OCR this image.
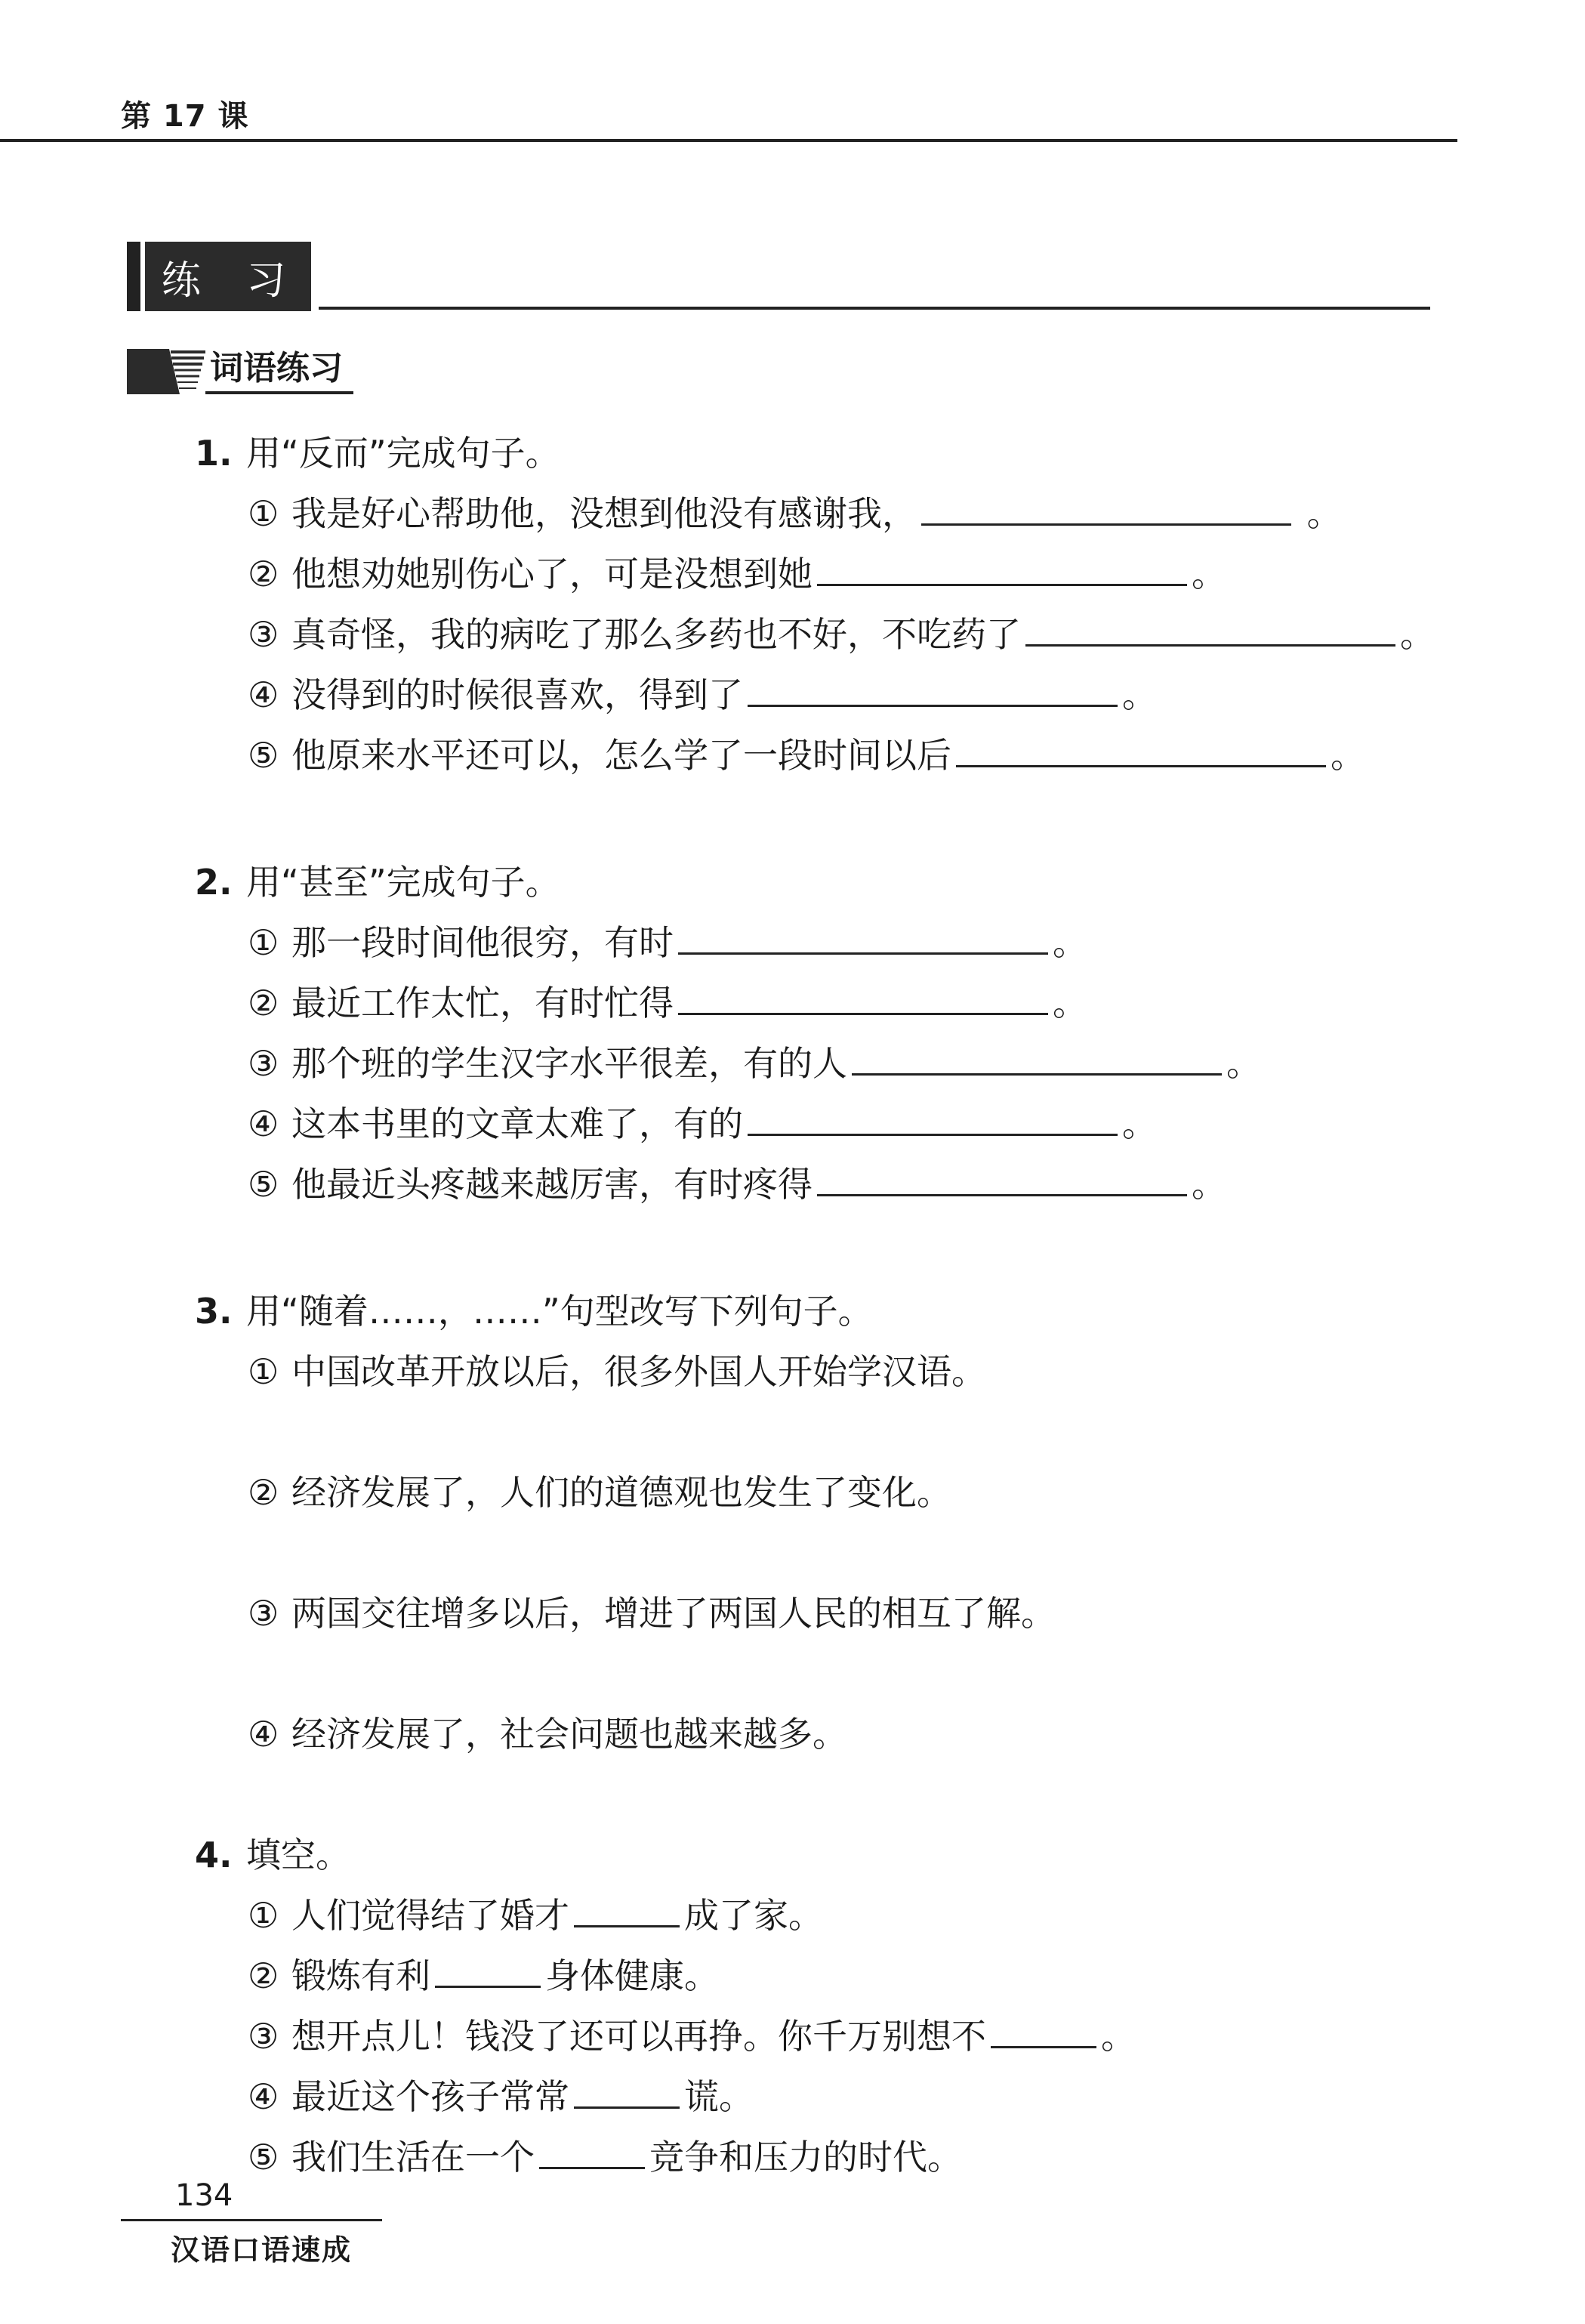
第 17 课
练 习
词语练习
1. 用“反而”完成句子。
① 我是好心帮助他，没想到他没有感谢我，	。
② 他想劝她别伤心了，可是没想到她	。
③ 真奇怪，我的病吃了那么多药也不好，不吃药了	。
④ 没得到的时候很喜欢，得到了	。
⑤ 他原来水平还可以，怎么学了一段时间以后	。
2. 用“甚至”完成句子。
① 那一段时间他很穷，有时	。
② 最近工作太忙，有时忙得	。
③ 那个班的学生汉字水平很差，有的人	。
④ 这本书里的文章太难了，有的	。
⑤ 他最近头疼越来越厉害，有时疼得	。
3. 用“随着……，……”句型改写下列句子。
① 中国改革开放以后，很多外国人开始学汉语。
② 经济发展了，人们的道德观也发生了变化。
③ 两国交往增多以后，增进了两国人民的相互了解。
④ 经济发展了，社会问题也越来越多。
4. 填空。
① 人们觉得结了婚才	成了家。
② 锻炼有利	身体健康。
③ 想开点儿！钱没了还可以再挣。你千万别想不	。
④ 最近这个孩子常常	谎。
⑤ 我们生活在一个	竞争和压力的时代。
134
汉语口语速成
